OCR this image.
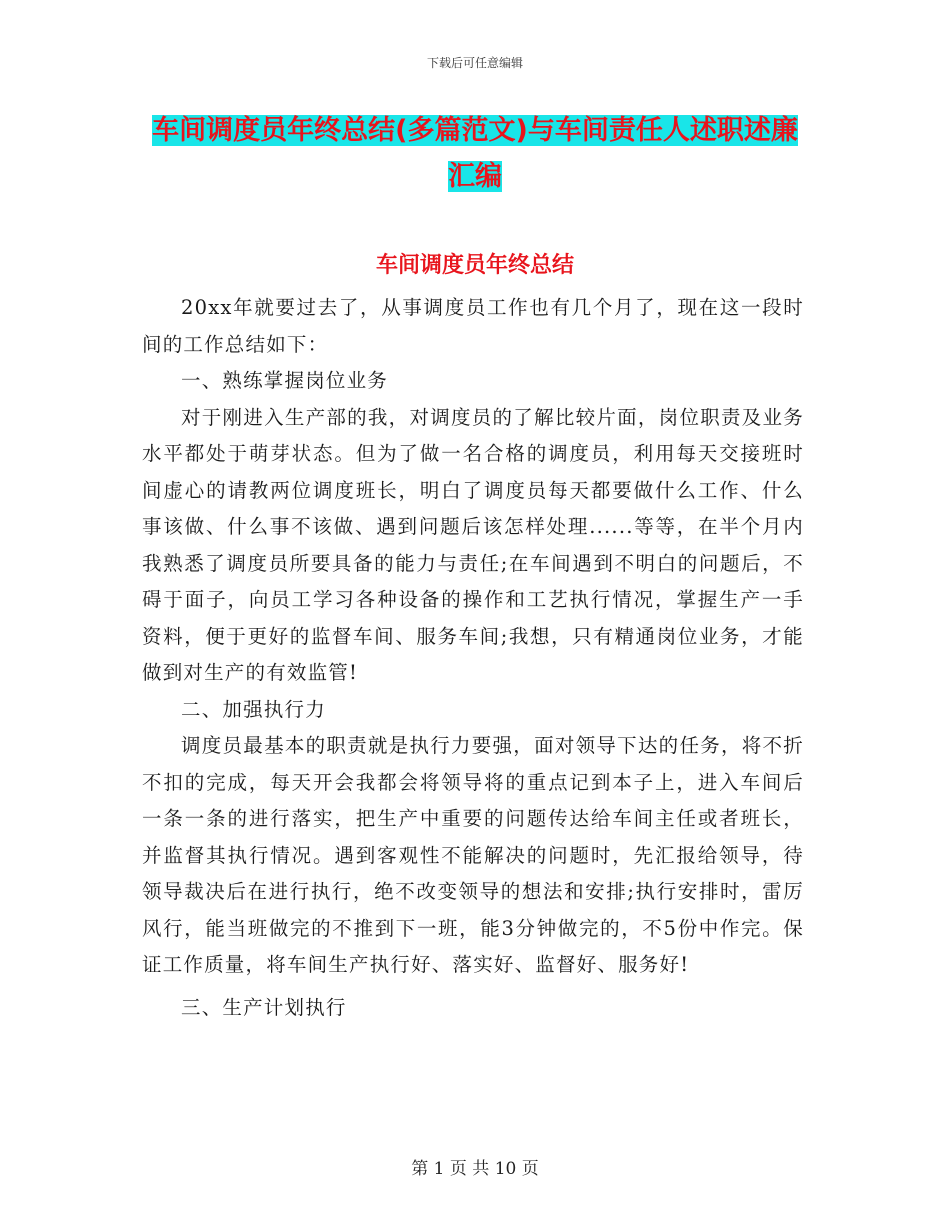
下载后可任意编辑
车间调度员年终总结(多篇范文)与车间责任人述职述廉汇编
车间调度员年终总结

20xx年就要过去了，从事调度员工作也有几个月了，现在这一段时间的工作总结如下：

一、熟练掌握岗位业务

对于刚进入生产部的我，对调度员的了解比较片面，岗位职责及业务水平都处于萌芽状态。但为了做一名合格的调度员，利用每天交接班时间虚心的请教两位调度班长，明白了调度员每天都要做什么工作、什么事该做、什么事不该做、遇到问题后该怎样处理......等等，在半个月内我熟悉了调度员所要具备的能力与责任;在车间遇到不明白的问题后，不碍于面子，向员工学习各种设备的操作和工艺执行情况，掌握生产一手资料，便于更好的监督车间、服务车间;我想，只有精通岗位业务，才能做到对生产的有效监管!

二、加强执行力

调度员最基本的职责就是执行力要强，面对领导下达的任务，将不折不扣的完成，每天开会我都会将领导将的重点记到本子上，进入车间后一条一条的进行落实，把生产中重要的问题传达给车间主任或者班长，并监督其执行情况。遇到客观性不能解决的问题时，先汇报给领导，待领导裁决后在进行执行，绝不改变领导的想法和安排;执行安排时，雷厉风行，能当班做完的不推到下一班，能3分钟做完的，不5份中作完。保证工作质量，将车间生产执行好、落实好、监督好、服务好!

三、生产计划执行

第 1 页 共 10 页
